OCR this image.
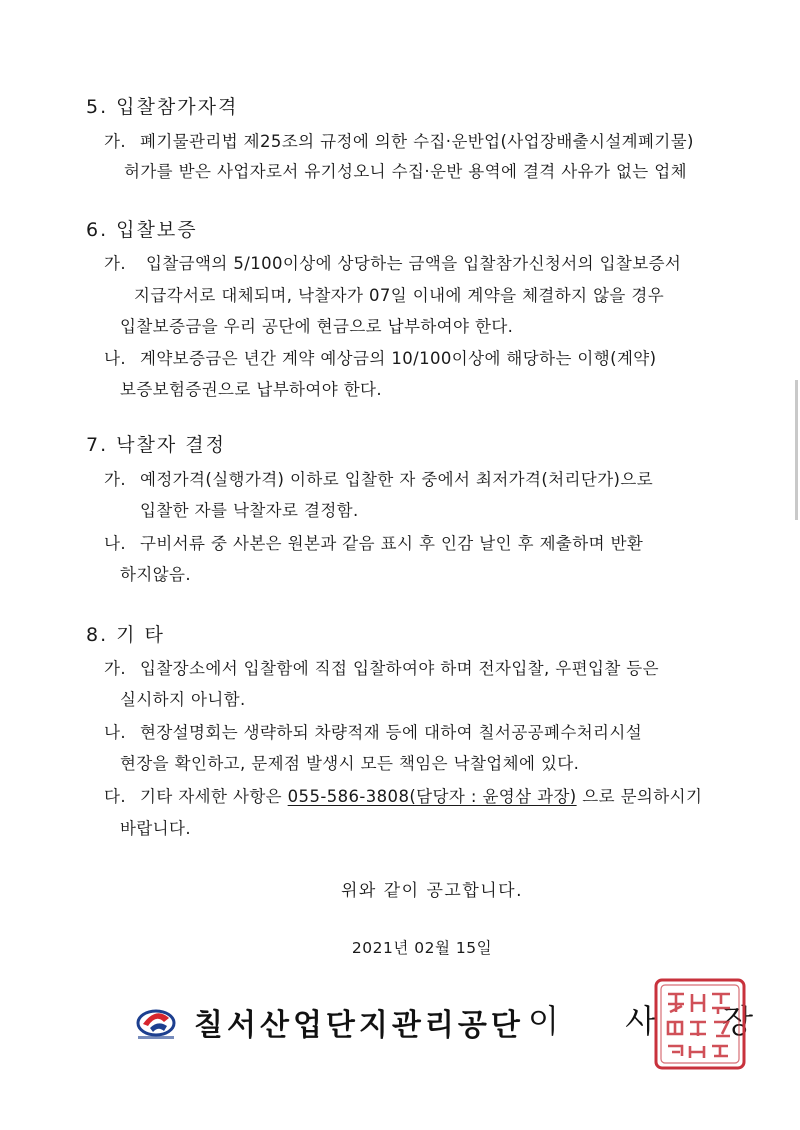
5. 입찰참가자격
가. 폐기물관리법 제25조의 규정에 의한 수집·운반업(사업장배출시설계폐기물)
허가를 받은 사업자로서 유기성오니 수집·운반 용역에 결격 사유가 없는 업체
6. 입찰보증
가. 입찰금액의 5/100이상에 상당하는 금액을 입찰참가신청서의 입찰보증서
지급각서로 대체되며, 낙찰자가 07일 이내에 계약을 체결하지 않을 경우
입찰보증금을 우리 공단에 현금으로 납부하여야 한다.
나. 계약보증금은 년간 계약 예상금의 10/100이상에 해당하는 이행(계약)
보증보험증권으로 납부하여야 한다.
7. 낙찰자 결정
가. 예정가격(실행가격) 이하로 입찰한 자 중에서 최저가격(처리단가)으로
입찰한 자를 낙찰자로 결정함.
나. 구비서류 중 사본은 원본과 같음 표시 후 인감 날인 후 제출하며 반환
하지않음.
8. 기 타
가. 입찰장소에서 입찰함에 직접 입찰하여야 하며 전자입찰, 우편입찰 등은
실시하지 아니함.
나. 현장설명회는 생략하되 차량적재 등에 대하여 칠서공공폐수처리시설
현장을 확인하고, 문제점 발생시 모든 책임은 낙찰업체에 있다.
다. 기타 자세한 사항은 055-586-3808(담당자 : 윤영삼 과장) 으로 문의하시기
바랍니다.
위와 같이 공고합니다.
2021년 02월 15일
칠서산업단지관리공단 이 사 장
